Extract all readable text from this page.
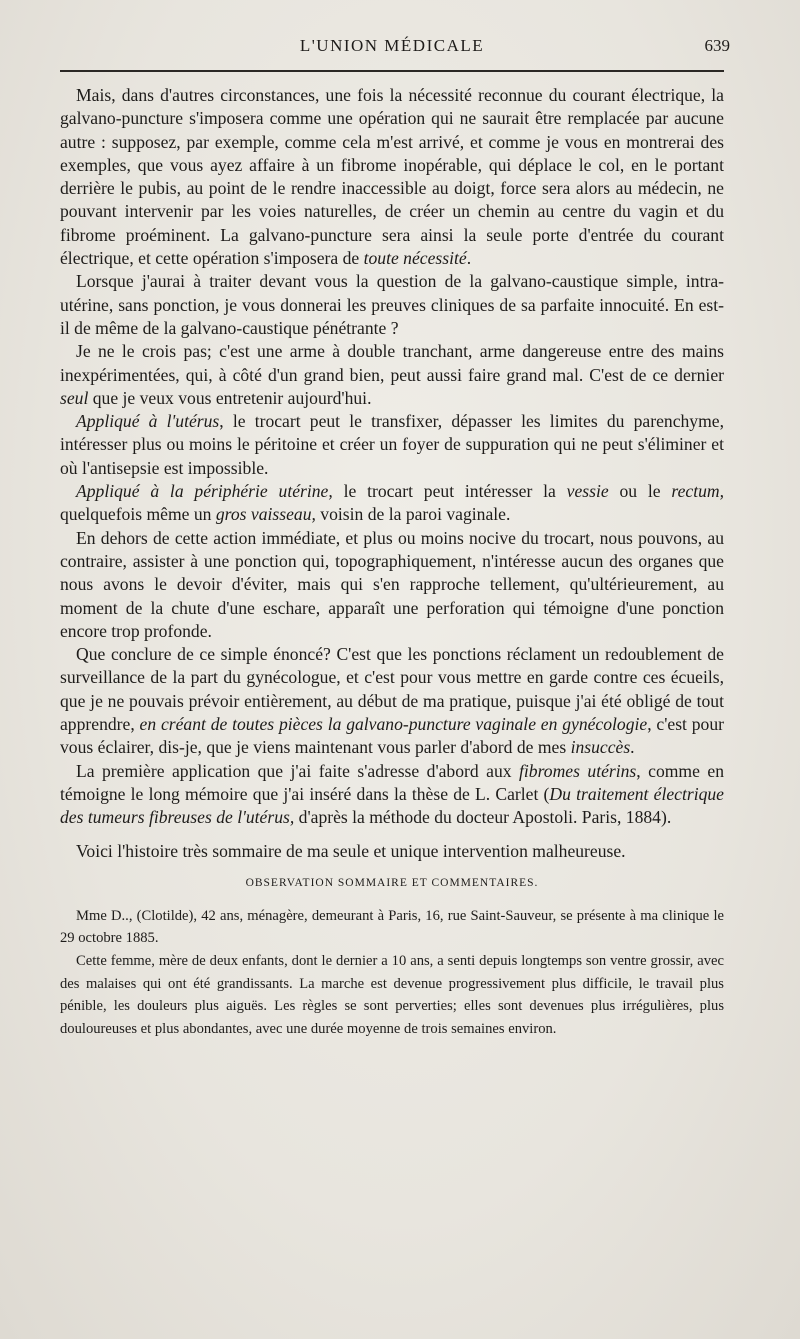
L'UNION MÉDICALE	639

Mais, dans d'autres circonstances, une fois la nécessité reconnue du courant électrique, la galvano-puncture s'imposera comme une opération qui ne saurait être remplacée par aucune autre : supposez, par exemple, comme cela m'est arrivé, et comme je vous en montrerai des exemples, que vous ayez affaire à un fibrome inopérable, qui déplace le col, en le portant derrière le pubis, au point de le rendre inaccessible au doigt, force sera alors au médecin, ne pouvant intervenir par les voies naturelles, de créer un chemin au centre du vagin et du fibrome proéminent. La galvano-puncture sera ainsi la seule porte d'entrée du courant électrique, et cette opération s'imposera de toute nécessité.

Lorsque j'aurai à traiter devant vous la question de la galvano-caustique simple, intra-utérine, sans ponction, je vous donnerai les preuves cliniques de sa parfaite innocuité. En est-il de même de la galvano-caustique pénétrante ?

Je ne le crois pas; c'est une arme à double tranchant, arme dangereuse entre des mains inexpérimentées, qui, à côté d'un grand bien, peut aussi faire grand mal. C'est de ce dernier seul que je veux vous entretenir aujourd'hui.

Appliqué à l'utérus, le trocart peut le transfixer, dépasser les limites du parenchyme, intéresser plus ou moins le péritoine et créer un foyer de suppuration qui ne peut s'éliminer et où l'antisepsie est impossible.

Appliqué à la périphérie utérine, le trocart peut intéresser la vessie ou le rectum, quelquefois même un gros vaisseau, voisin de la paroi vaginale.

En dehors de cette action immédiate, et plus ou moins nocive du trocart, nous pouvons, au contraire, assister à une ponction qui, topographiquement, n'intéresse aucun des organes que nous avons le devoir d'éviter, mais qui s'en rapproche tellement, qu'ultérieurement, au moment de la chute d'une eschare, apparaît une perforation qui témoigne d'une ponction encore trop profonde.

Que conclure de ce simple énoncé? C'est que les ponctions réclament un redoublement de surveillance de la part du gynécologue, et c'est pour vous mettre en garde contre ces écueils, que je ne pouvais prévoir entièrement, au début de ma pratique, puisque j'ai été obligé de tout apprendre, en créant de toutes pièces la galvano-puncture vaginale en gynécologie, c'est pour vous éclairer, dis-je, que je viens maintenant vous parler d'abord de mes insuccès.

La première application que j'ai faite s'adresse d'abord aux fibromes utérins, comme en témoigne le long mémoire que j'ai inséré dans la thèse de L. Carlet (Du traitement électrique des tumeurs fibreuses de l'utérus, d'après la méthode du docteur Apostoli. Paris, 1884).

Voici l'histoire très sommaire de ma seule et unique intervention malheureuse.

OBSERVATION SOMMAIRE ET COMMENTAIRES.

Mme D.., (Clotilde), 42 ans, ménagère, demeurant à Paris, 16, rue Saint-Sauveur, se présente à ma clinique le 29 octobre 1885.

Cette femme, mère de deux enfants, dont le dernier a 10 ans, a senti depuis longtemps son ventre grossir, avec des malaises qui ont été grandissants. La marche est devenue progressivement plus difficile, le travail plus pénible, les douleurs plus aiguës. Les règles se sont perverties; elles sont devenues plus irrégulières, plus douloureuses et plus abondantes, avec une durée moyenne de trois semaines environ.
